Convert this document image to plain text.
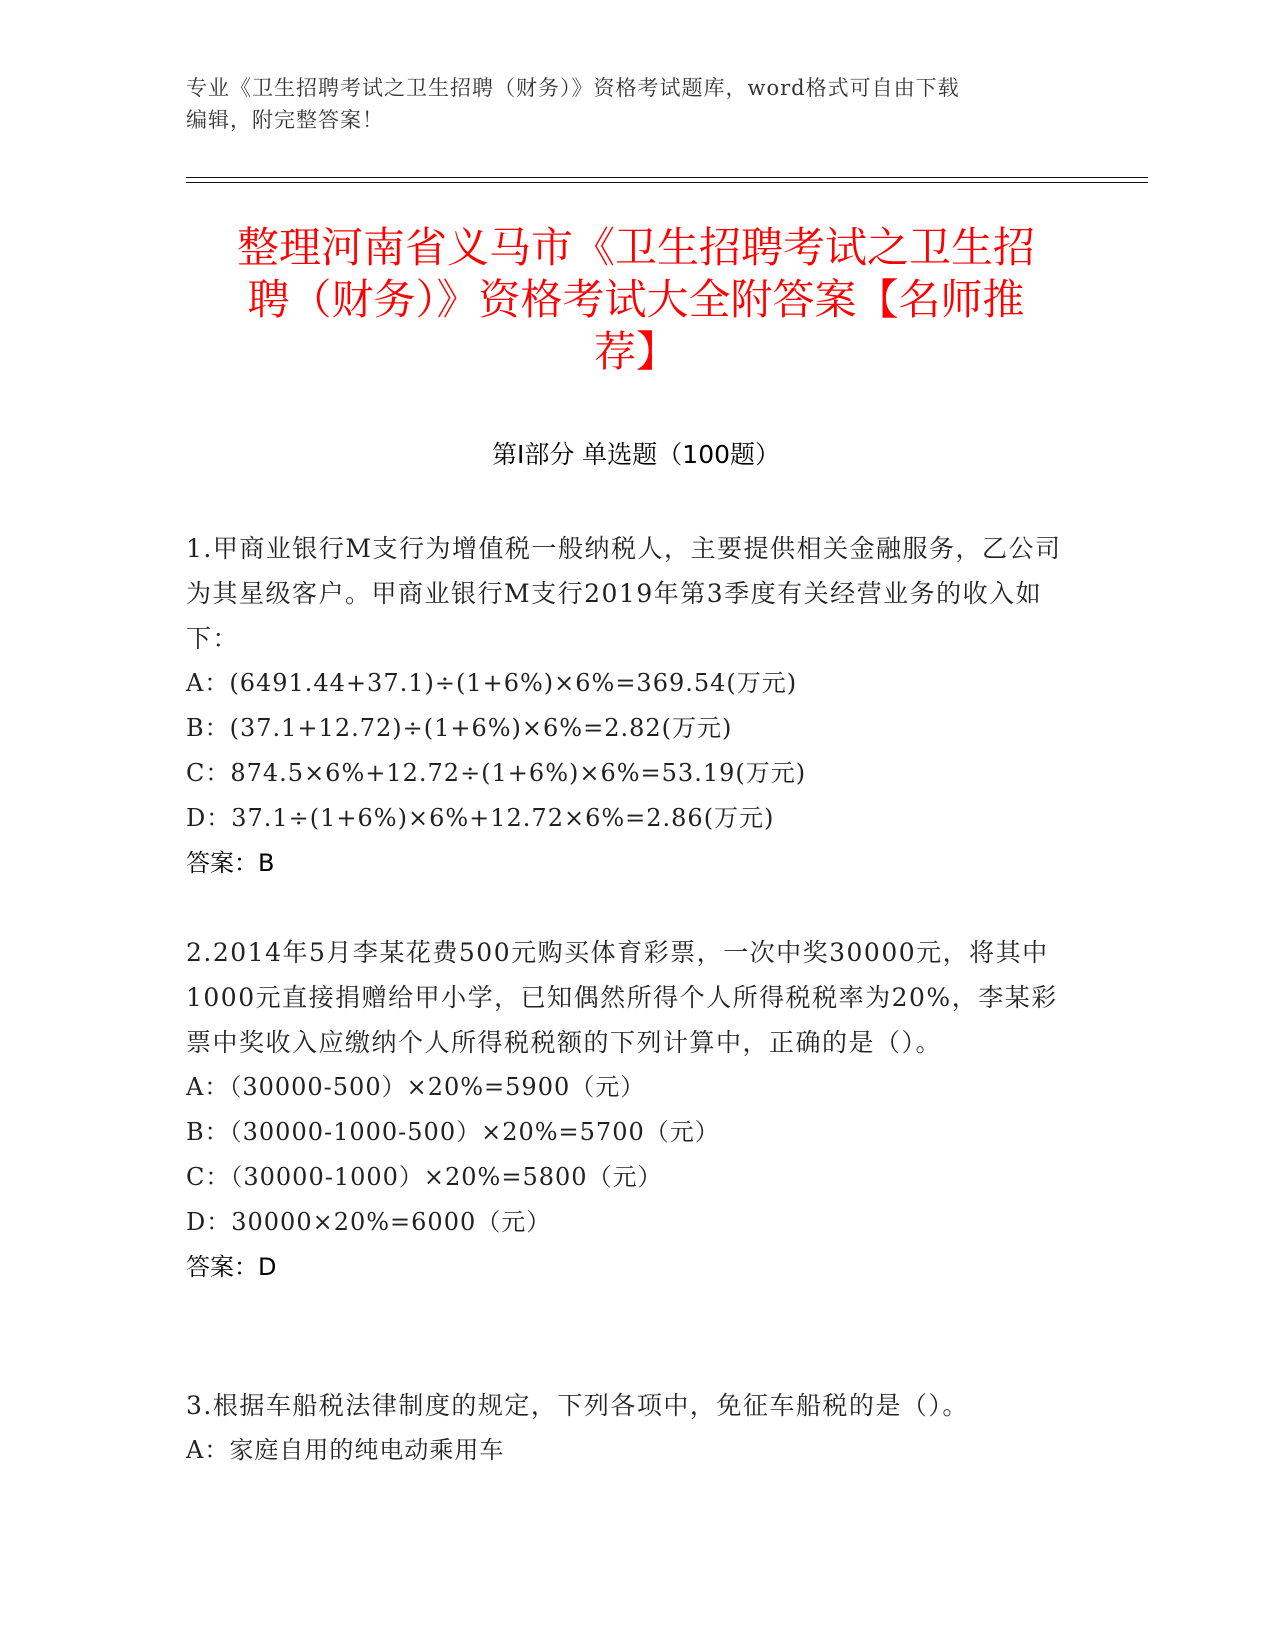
专业《卫生招聘考试之卫生招聘（财务）》资格考试题库，word格式可自由下载
编辑，附完整答案！
整理河南省义马市《卫生招聘考试之卫生招
聘（财务）》资格考试大全附答案【名师推
荐】
第Ⅰ部分 单选题（100题）

1.甲商业银行M支行为增值税一般纳税人，主要提供相关金融服务，乙公司为其星级客户。甲商业银行M支行2019年第3季度有关经营业务的收入如下：

A：(6491.44+37.1)÷(1+6%)×6%=369.54(万元)

B：(37.1+12.72)÷(1+6%)×6%=2.82(万元)

C：874.5×6%+12.72÷(1+6%)×6%=53.19(万元)

D：37.1÷(1+6%)×6%+12.72×6%=2.86(万元)

答案：B

2.2014年5月李某花费500元购买体育彩票，一次中奖30000元，将其中1000元直接捐赠给甲小学，已知偶然所得个人所得税税率为20%，李某彩票中奖收入应缴纳个人所得税税额的下列计算中，正确的是（）。

A：（30000-500）×20%=5900（元）

B：（30000-1000-500）×20%=5700（元）

C：（30000-1000）×20%=5800（元）

D：30000×20%=6000（元）

答案：D

3.根据车船税法律制度的规定，下列各项中，免征车船税的是（）。

A：家庭自用的纯电动乘用车
